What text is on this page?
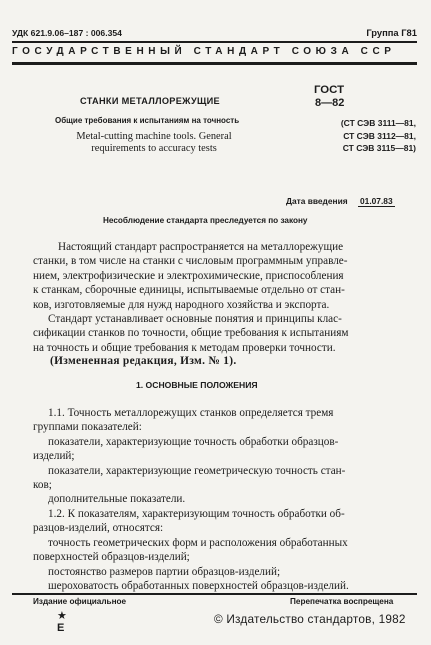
УДК 621.9.06–187 : 006.354	Группа Г81
ГОСУДАРСТВЕННЫЙ СТАНДАРТ СОЮЗА ССР
СТАНКИ МЕТАЛЛОРЕЖУЩИЕ
Общие требования к испытаниям на точность
Metal-cutting machine tools. General
requirements to accuracy tests
ГОСТ
8—82
(СТ СЭВ 3111—81,
СТ СЭВ 3112—81,
СТ СЭВ 3115—81)
Дата введения 01.07.83
Несоблюдение стандарта преследуется по закону
Настоящий стандарт распространяется на металлорежущие
станки, в том числе на станки с числовым программным управле-
нием, электрофизические и электрохимические, приспособления
к станкам, сборочные единицы, испытываемые отдельно от стан-
ков, изготовляемые для нужд народного хозяйства и экспорта.
Стандарт устанавливает основные понятия и принципы клас-
сификации станков по точности, общие требования к испытаниям
на точность и общие требования к методам проверки точности.
(Измененная редакция, Изм. № 1).
1. ОСНОВНЫЕ ПОЛОЖЕНИЯ
1.1. Точность металлорежущих станков определяется тремя
группами показателей:
показатели, характеризующие точность обработки образцов-
изделий;
показатели, характеризующие геометрическую точность стан-
ков;
дополнительные показатели.
1.2. К показателям, характеризующим точность обработки об-
разцов-изделий, относятся:
точность геометрических форм и расположения обработанных
поверхностей образцов-изделий;
постоянство размеров партии образцов-изделий;
шероховатость обработанных поверхностей образцов-изделий.
Издание официальное	Перепечатка воспрещена
★
Е
© Издательство стандартов, 1982
